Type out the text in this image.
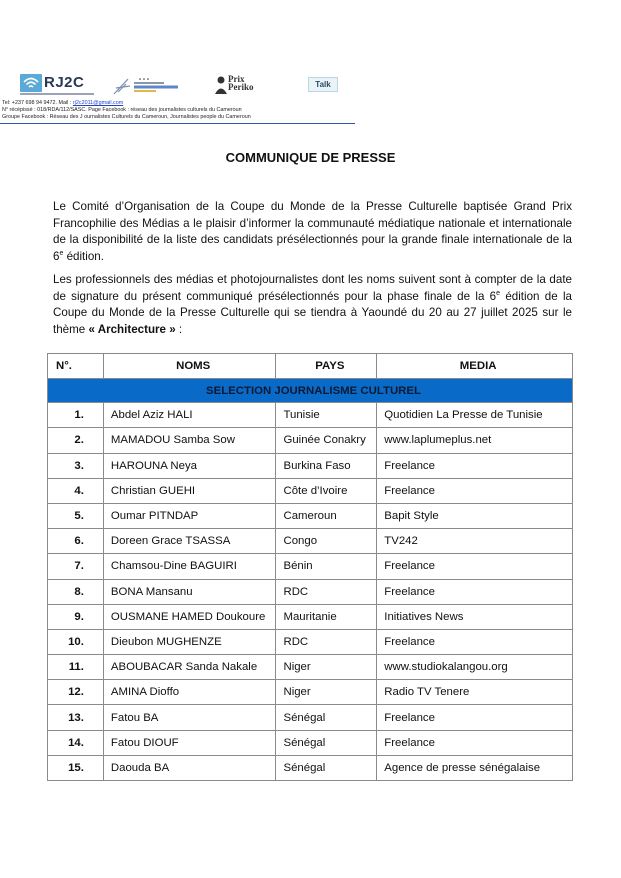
RJ2C	Prix
Periko	Talk
Tel: +237 698 94 9472. Mail : rj2c2011@gmail.com
N° récépissé : 018/RDA/112/SASC. Page Facebook : réseau des journalistes culturels du Cameroun
Groupe Facebook : Réseau des J ournalistes Culturels du Cameroun, Journalistes people du Cameroun
COMMUNIQUE DE PRESSE

Le Comité d’Organisation de la Coupe du Monde de la Presse Culturelle baptisée Grand Prix Francophilie des Médias a le plaisir d’informer la communauté médiatique nationale et internationale de la disponibilité de la liste des candidats présélectionnés pour la grande finale internationale de la 6e édition.

Les professionnels des médias et photojournalistes dont les noms suivent sont à compter de la date de signature du présent communiqué présélectionnés pour la phase finale de la 6e édition de la Coupe du Monde de la Presse Culturelle qui se tiendra à Yaoundé du 20 au 27 juillet 2025 sur le thème « Architecture » :

N°.	NOMS	PAYS	MEDIA
SELECTION JOURNALISME CULTUREL			
1.	Abdel Aziz HALI	Tunisie	Quotidien La Presse de Tunisie
2.	MAMADOU Samba Sow	Guinée Conakry	www.laplumeplus.net
3.	HAROUNA Neya	Burkina Faso	Freelance
4.	Christian GUEHI	Côte d’Ivoire	Freelance
5.	Oumar PITNDAP	Cameroun	Bapit Style
6.	Doreen Grace TSASSA	Congo	TV242
7.	Chamsou-Dine BAGUIRI	Bénin	Freelance
8.	BONA Mansanu	RDC	Freelance
9.	OUSMANE HAMED Doukoure	Mauritanie	Initiatives News
10.	Dieubon MUGHENZE	RDC	Freelance
11.	ABOUBACAR Sanda Nakale	Niger	www.studiokalangou.org
12.	AMINA Dioffo	Niger	Radio TV Tenere
13.	Fatou BA	Sénégal	Freelance
14.	Fatou DIOUF	Sénégal	Freelance
15.	Daouda BA	Sénégal	Agence de presse sénégalaise
